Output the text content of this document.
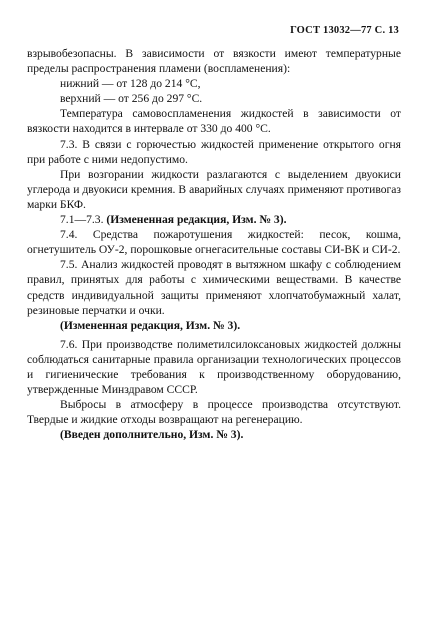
ГОСТ 13032—77 С. 13

взрывобезопасны. В зависимости от вязкости имеют температурные пределы распространения пламени (воспламенения):

нижний — от 128 до 214 °С,

верхний — от 256 до 297 °С.

Температура самовоспламенения жидкостей в зависимости от вязкости находится в интервале от 330 до 400 °С.

7.3. В связи с горючестью жидкостей применение открытого огня при работе с ними недопустимо.

При возгорании жидкости разлагаются с выделением двуокиси углерода и двуокиси кремния. В аварийных случаях применяют противогаз марки БКФ.

7.1—7.3. (Измененная редакция, Изм. № 3).

7.4. Средства пожаротушения жидкостей: песок, кошма, огнетушитель ОУ-2, порошковые огнегасительные составы СИ-ВК и СИ-2.

7.5. Анализ жидкостей проводят в вытяжном шкафу с соблюдением правил, принятых для работы с химическими веществами. В качестве средств индивидуальной защиты применяют хлопчатобумажный халат, резиновые перчатки и очки.

(Измененная редакция, Изм. № 3).

7.6. При производстве полиметилсилоксановых жидкостей должны соблюдаться санитарные правила организации технологических процессов и гигиенические требования к производственному оборудованию, утвержденные Минздравом СССР.

Выбросы в атмосферу в процессе производства отсутствуют. Твердые и жидкие отходы возвращают на регенерацию.

(Введен дополнительно, Изм. № 3).
